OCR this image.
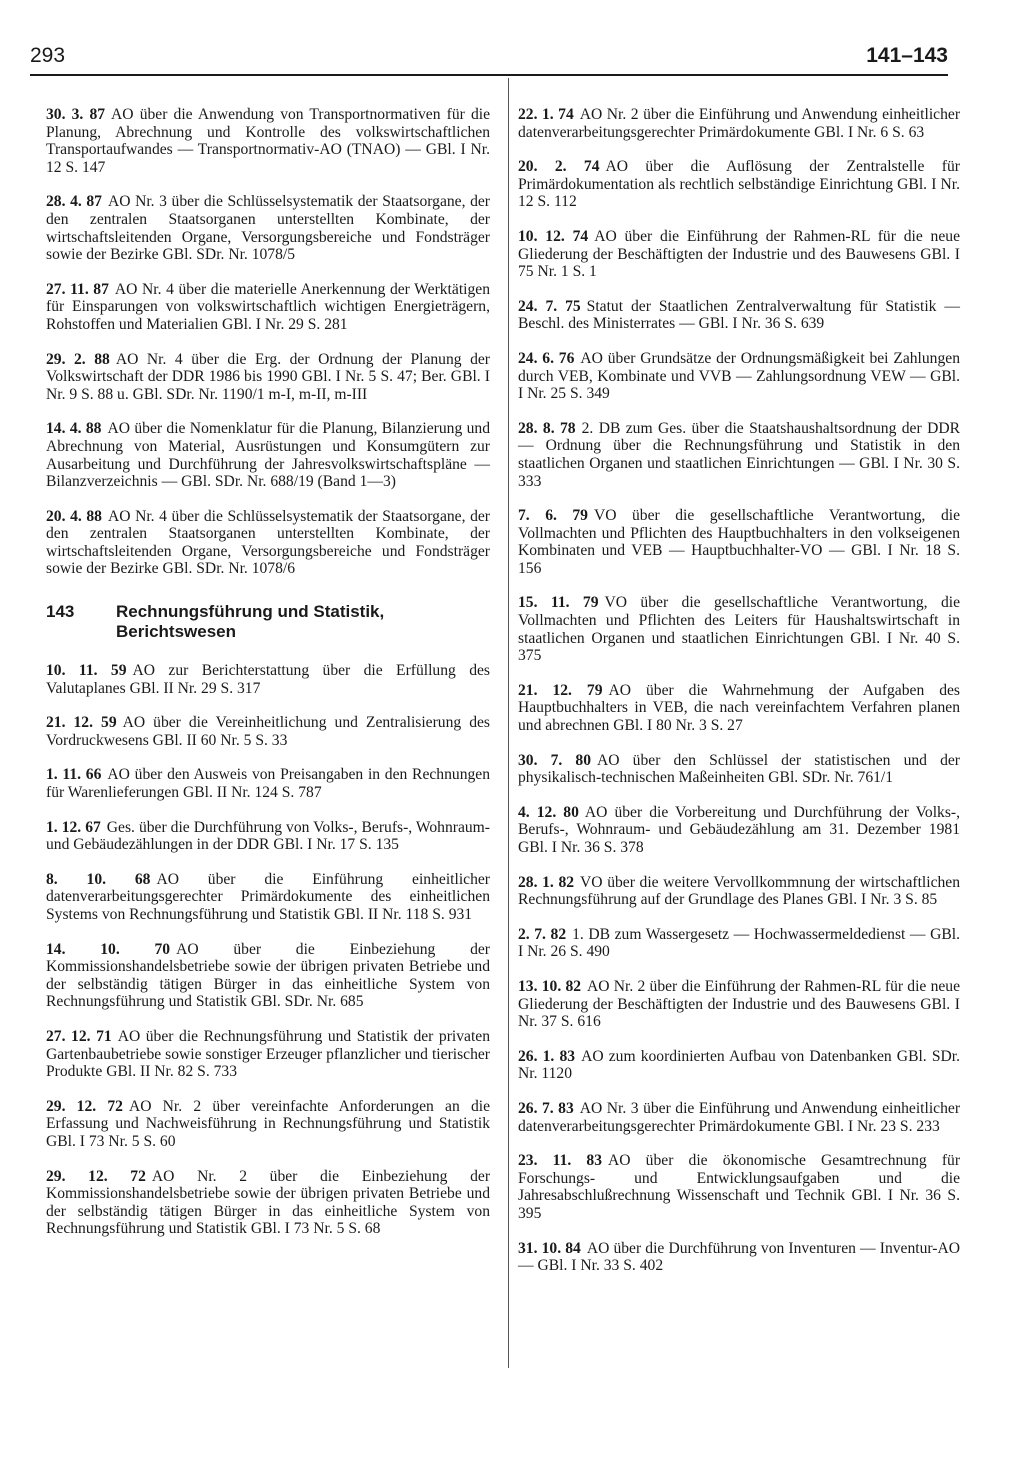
293	141–143

30. 3. 87 AO über die Anwendung von Transportnormativen für die Planung, Abrechnung und Kontrolle des volkswirtschaftlichen Transportaufwandes — Transportnormativ-AO (TNAO) — GBl. I Nr. 12 S. 147

28. 4. 87 AO Nr. 3 über die Schlüsselsystematik der Staatsorgane, der den zentralen Staatsorganen unterstellten Kombinate, der wirtschaftsleitenden Organe, Versorgungsbereiche und Fondsträger sowie der Bezirke GBl. SDr. Nr. 1078/5

27. 11. 87 AO Nr. 4 über die materielle Anerkennung der Werktätigen für Einsparungen von volkswirtschaftlich wichtigen Energieträgern, Rohstoffen und Materialien GBl. I Nr. 29 S. 281

29. 2. 88 AO Nr. 4 über die Erg. der Ordnung der Planung der Volkswirtschaft der DDR 1986 bis 1990 GBl. I Nr. 5 S. 47; Ber. GBl. I Nr. 9 S. 88 u. GBl. SDr. Nr. 1190/1 m-I, m-II, m-III

14. 4. 88 AO über die Nomenklatur für die Planung, Bilanzierung und Abrechnung von Material, Ausrüstungen und Konsumgütern zur Ausarbeitung und Durchführung der Jahresvolkswirtschaftspläne — Bilanzverzeichnis — GBl. SDr. Nr. 688/19 (Band 1—3)

20. 4. 88 AO Nr. 4 über die Schlüsselsystematik der Staatsorgane, der den zentralen Staatsorganen unterstellten Kombinate, der wirtschaftsleitenden Organe, Versorgungsbereiche und Fondsträger sowie der Bezirke GBl. SDr. Nr. 1078/6

143	Rechnungsführung und Statistik, Berichtswesen

10. 11. 59 AO zur Berichterstattung über die Erfüllung des Valutaplanes GBl. II Nr. 29 S. 317

21. 12. 59 AO über die Vereinheitlichung und Zentralisierung des Vordruckwesens GBl. II 60 Nr. 5 S. 33

1. 11. 66 AO über den Ausweis von Preisangaben in den Rechnungen für Warenlieferungen GBl. II Nr. 124 S. 787

1. 12. 67 Ges. über die Durchführung von Volks-, Berufs-, Wohnraum- und Gebäudezählungen in der DDR GBl. I Nr. 17 S. 135

8. 10. 68 AO über die Einführung einheitlicher datenverarbeitungsgerechter Primärdokumente des einheitlichen Systems von Rechnungsführung und Statistik GBl. II Nr. 118 S. 931

14. 10. 70 AO über die Einbeziehung der Kommissionshandelsbetriebe sowie der übrigen privaten Betriebe und der selbständig tätigen Bürger in das einheitliche System von Rechnungsführung und Statistik GBl. SDr. Nr. 685

27. 12. 71 AO über die Rechnungsführung und Statistik der privaten Gartenbaubetriebe sowie sonstiger Erzeuger pflanzlicher und tierischer Produkte GBl. II Nr. 82 S. 733

29. 12. 72 AO Nr. 2 über vereinfachte Anforderungen an die Erfassung und Nachweisführung in Rechnungsführung und Statistik GBl. I 73 Nr. 5 S. 60

29. 12. 72 AO Nr. 2 über die Einbeziehung der Kommissionshandelsbetriebe sowie der übrigen privaten Betriebe und der selbständig tätigen Bürger in das einheitliche System von Rechnungsführung und Statistik GBl. I 73 Nr. 5 S. 68

22. 1. 74 AO Nr. 2 über die Einführung und Anwendung einheitlicher datenverarbeitungsgerechter Primärdokumente GBl. I Nr. 6 S. 63

20. 2. 74 AO über die Auflösung der Zentralstelle für Primärdokumentation als rechtlich selbständige Einrichtung GBl. I Nr. 12 S. 112

10. 12. 74 AO über die Einführung der Rahmen-RL für die neue Gliederung der Beschäftigten der Industrie und des Bauwesens GBl. I 75 Nr. 1 S. 1

24. 7. 75 Statut der Staatlichen Zentralverwaltung für Statistik — Beschl. des Ministerrates — GBl. I Nr. 36 S. 639

24. 6. 76 AO über Grundsätze der Ordnungsmäßigkeit bei Zahlungen durch VEB, Kombinate und VVB — Zahlungsordnung VEW — GBl. I Nr. 25 S. 349

28. 8. 78 2. DB zum Ges. über die Staatshaushaltsordnung der DDR — Ordnung über die Rechnungsführung und Statistik in den staatlichen Organen und staatlichen Einrichtungen — GBl. I Nr. 30 S. 333

7. 6. 79 VO über die gesellschaftliche Verantwortung, die Vollmachten und Pflichten des Hauptbuchhalters in den volkseigenen Kombinaten und VEB — Hauptbuchhalter-VO — GBl. I Nr. 18 S. 156

15. 11. 79 VO über die gesellschaftliche Verantwortung, die Vollmachten und Pflichten des Leiters für Haushaltswirtschaft in staatlichen Organen und staatlichen Einrichtungen GBl. I Nr. 40 S. 375

21. 12. 79 AO über die Wahrnehmung der Aufgaben des Hauptbuchhalters in VEB, die nach vereinfachtem Verfahren planen und abrechnen GBl. I 80 Nr. 3 S. 27

30. 7. 80 AO über den Schlüssel der statistischen und der physikalisch-technischen Maßeinheiten GBl. SDr. Nr. 761/1

4. 12. 80 AO über die Vorbereitung und Durchführung der Volks-, Berufs-, Wohnraum- und Gebäudezählung am 31. Dezember 1981 GBl. I Nr. 36 S. 378

28. 1. 82 VO über die weitere Vervollkommnung der wirtschaftlichen Rechnungsführung auf der Grundlage des Planes GBl. I Nr. 3 S. 85

2. 7. 82 1. DB zum Wassergesetz — Hochwassermeldedienst — GBl. I Nr. 26 S. 490

13. 10. 82 AO Nr. 2 über die Einführung der Rahmen-RL für die neue Gliederung der Beschäftigten der Industrie und des Bauwesens GBl. I Nr. 37 S. 616

26. 1. 83 AO zum koordinierten Aufbau von Datenbanken GBl. SDr. Nr. 1120

26. 7. 83 AO Nr. 3 über die Einführung und Anwendung einheitlicher datenverarbeitungsgerechter Primärdokumente GBl. I Nr. 23 S. 233

23. 11. 83 AO über die ökonomische Gesamtrechnung für Forschungs- und Entwicklungsaufgaben und die Jahresabschlußrechnung Wissenschaft und Technik GBl. I Nr. 36 S. 395

31. 10. 84 AO über die Durchführung von Inventuren — Inventur-AO — GBl. I Nr. 33 S. 402
